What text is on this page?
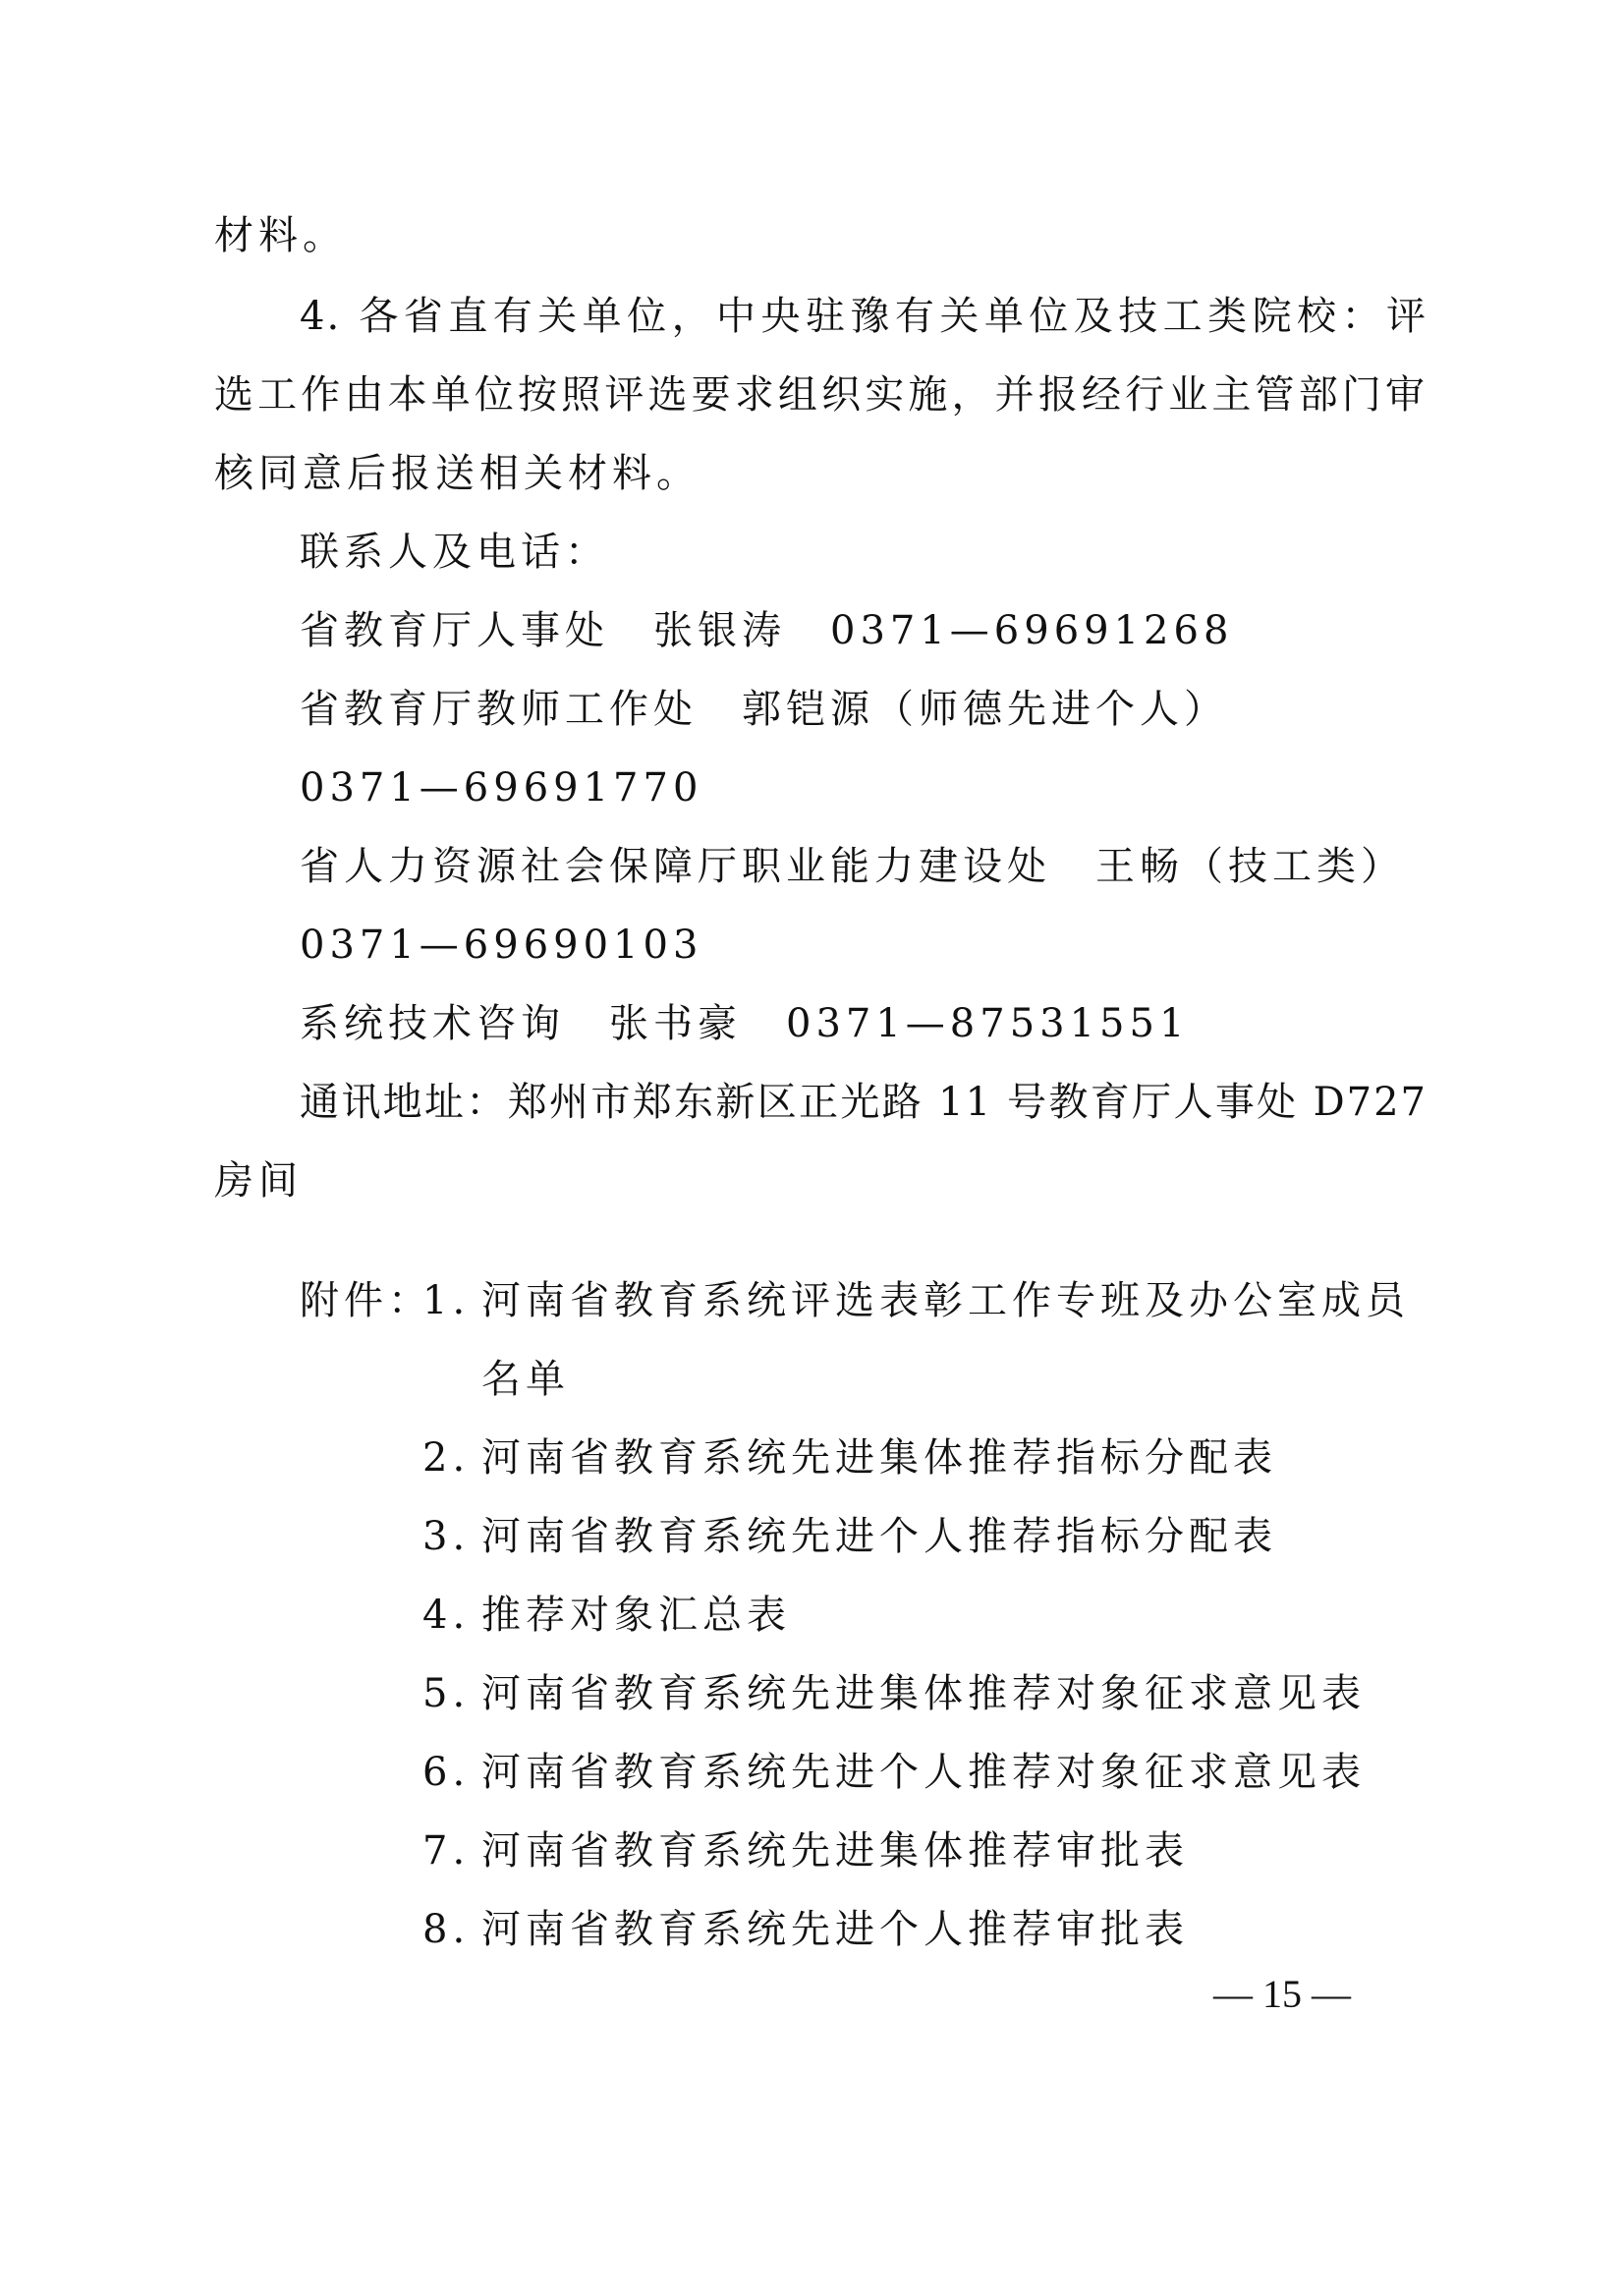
材料。
4. 各省直有关单位，中央驻豫有关单位及技工类院校：评
选工作由本单位按照评选要求组织实施，并报经行业主管部门审
核同意后报送相关材料。
联系人及电话：
省教育厅人事处　张银涛　0371—69691268
省教育厅教师工作处　郭铠源（师德先进个人）
0371—69691770
省人力资源社会保障厅职业能力建设处　王畅（技工类）
0371—69690103
系统技术咨询　张书豪　0371—87531551
通讯地址：郑州市郑东新区正光路 11 号教育厅人事处 D727
房间
附件：
1. 河南省教育系统评选表彰工作专班及办公室成员
名单
2. 河南省教育系统先进集体推荐指标分配表
3. 河南省教育系统先进个人推荐指标分配表
4. 推荐对象汇总表
5. 河南省教育系统先进集体推荐对象征求意见表
6. 河南省教育系统先进个人推荐对象征求意见表
7. 河南省教育系统先进集体推荐审批表
8. 河南省教育系统先进个人推荐审批表
— 15 —
